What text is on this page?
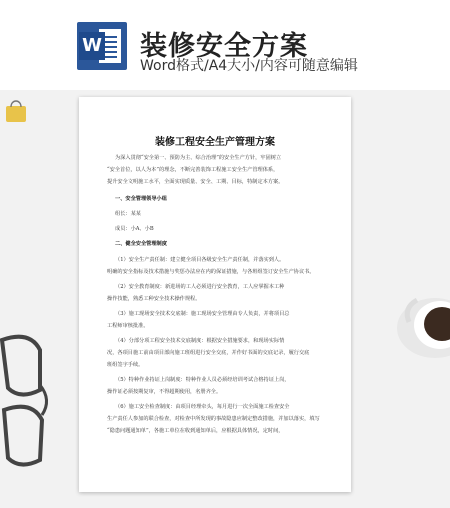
W 装修安全方案
Word格式/A4大小/内容可随意编辑
装修工程安全生产管理方案
为深入贯彻“安全第一、预防为主、综合治理”的安全生产方针，牢固树立
“安全首位，以人为本”的理念，不断完善装饰工程施工安全生产管理体系，
提升安全文明施工水平，全面实现质量、安全、工期、目标，特制定本方案。
一、安全管理领导小组
组长：某某
成员：小A、小B
二、健全安全管理制度
（1）安全生产责任制：建立健全项目各级安全生产责任制，并落实到人。
明确的安全指标及技术措施与奖惩办法应在内的保证措施，与各班组签订安全生产协议书。
（2）安全教育制度：新进场的工人必须进行安全教育，工人应掌握本工种
操作技能，熟悉工种安全技术操作规程。
（3）施工现场安全技术交底制：施工现场安全管理由专人负责，并将项目总
工程师审核批准。
（4）分部分项工程安全技术交底制度：根据安全措施要求，和现场实际情
况，各项目施工前由项目部向施工班组进行安全交底，并作好书面的交底记录，履行交底
班组签字手续。
（5）特种作业持证上岗制度：特种作业人员必须经培训考试合格持证上岗，
操作证必须按期复审，不得超期使用，名册齐全。
（6）施工安全检查制度：由项目经理牵头，每月进行一次全面施工检查安全
生产责任人参加的联合检查，对检查中所发现的事故隐患应制定整改措施，并加以落实，填写
“隐患问题通知单”，各施工单位在收到通知单后，应根据具体情况，定时间，
